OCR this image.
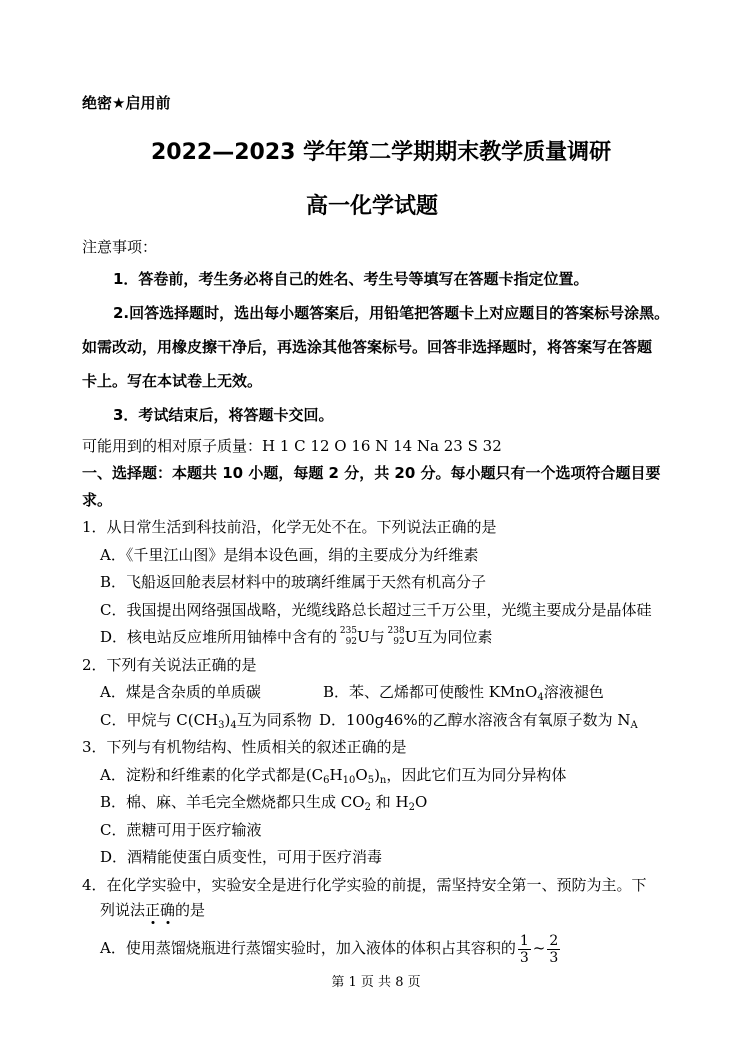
绝密★启用前
2022—2023 学年第二学期期末教学质量调研
高一化学试题
注意事项：
1．答卷前，考生务必将自己的姓名、考生号等填写在答题卡指定位置。
2.回答选择题时，选出每小题答案后，用铅笔把答题卡上对应题目的答案标号涂黑。
如需改动，用橡皮擦干净后，再选涂其他答案标号。回答非选择题时，将答案写在答题
卡上。写在本试卷上无效。
3．考试结束后，将答题卡交回。
可能用到的相对原子质量：H 1 C 12 O 16 N 14 Na 23 S 32
一、选择题：本题共 10 小题，每题 2 分，共 20 分。每小题只有一个选项符合题目要
求。
1．从日常生活到科技前沿，化学无处不在。下列说法正确的是
A．《千里江山图》是绢本设色画，绢的主要成分为纤维素
B．飞船返回舱表层材料中的玻璃纤维属于天然有机高分子
C．我国提出网络强国战略，光缆线路总长超过三千万公里，光缆主要成分是晶体硅
D．核电站反应堆所用铀棒中含有的 235
92 U与 238
92 U互为同位素
2．下列有关说法正确的是
A．煤是含杂质的单质碳	B．苯、乙烯都可使酸性 KMnO$_4$溶液褪色
C．甲烷与 $C(CH_3)_4$互为同系物 D．100g46%的乙醇水溶液含有氧原子数为 $N_A$
3．下列与有机物结构、性质相关的叙述正确的是
A．淀粉和纤维素的化学式都是$(C_6H_{10}O_5)_n$，因此它们互为同分异构体
B．棉、麻、羊毛完全燃烧都只生成 $CO_2$ 和 $H_2O$
C．蔗糖可用于医疗输液
D．酒精能使蛋白质变性，可用于医疗消毒
4．在化学实验中，实验安全是进行化学实验的前提，需坚持安全第一、预防为主。下
列说法正确的是
A．使用蒸馏烧瓶进行蒸馏实验时，加入液体的体积占其容积的 $\frac{1}{3}$ ~ $\frac{2}{3}$
第 1 页 共 8 页
